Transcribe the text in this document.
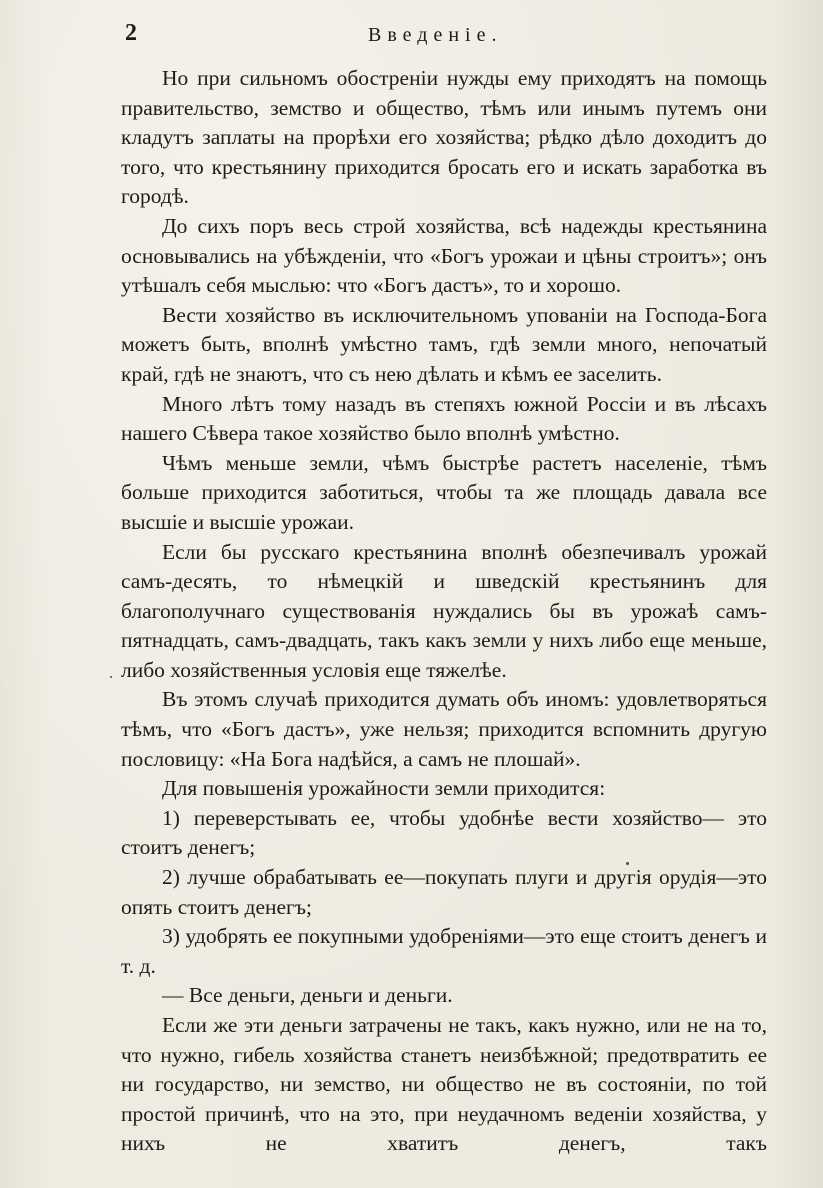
2	Введенiе.

Но при сильномъ обостренiи нужды ему приходятъ на помощь правительство, земство и общество, тѣмъ или инымъ путемъ они кладутъ заплаты на прорѣхи его хозяйства; рѣдко дѣло доходитъ до того, что крестьянину приходится бросать его и искать заработка въ городѣ.

До сихъ поръ весь строй хозяйства, всѣ надежды крестьянина основывались на убѣжденiи, что «Богъ урожаи и цѣны строитъ»; онъ утѣшалъ себя мыслью: что «Богъ дастъ», то и хорошо.

Вести хозяйство въ исключительномъ упованiи на Господа-Бога можетъ быть, вполнѣ умѣстно тамъ, гдѣ земли много, непочатый край, гдѣ не знаютъ, что съ нею дѣлать и кѣмъ ее заселить.

Много лѣтъ тому назадъ въ степяхъ южной Россiи и въ лѣсахъ нашего Сѣвера такое хозяйство было вполнѣ умѣстно.

Чѣмъ меньше земли, чѣмъ быстрѣе растетъ населенiе, тѣмъ больше приходится заботиться, чтобы та же площадь давала все высшiе и высшiе урожаи.

Если бы русскаго крестьянина вполнѣ обезпечивалъ урожай самъ-десять, то нѣмецкiй и шведскiй крестьянинъ для благополучнаго существованiя нуждались бы въ урожаѣ самъ-пятнадцать, самъ-двадцать, такъ какъ земли у нихъ либо еще меньше, либо хозяйственныя условiя еще тяжелѣе.

Въ этомъ случаѣ приходится думать объ иномъ: удовлетворяться тѣмъ, что «Богъ дастъ», уже нельзя; приходится вспомнить другую пословицу: «На Бога надѣйся, а самъ не плошай».

Для повышенiя урожайности земли приходится:

1) переверстывать ее, чтобы удобнѣе вести хозяйство— это стоитъ денегъ;

2) лучше обрабатывать ее—покупать плуги и другiя орудiя—это опять стоитъ денегъ;

3) удобрять ее покупными удобренiями—это еще стоитъ денегъ и т. д.

— Все деньги, деньги и деньги.

Если же эти деньги затрачены не такъ, какъ нужно, или не на то, что нужно, гибель хозяйства станетъ неизбѣжной; предотвратить ее ни государство, ни земство, ни общество не въ состоянiи, по той простой причинѣ, что на это, при неудачномъ веденiи хозяйства, у нихъ не хватитъ денегъ, такъ
